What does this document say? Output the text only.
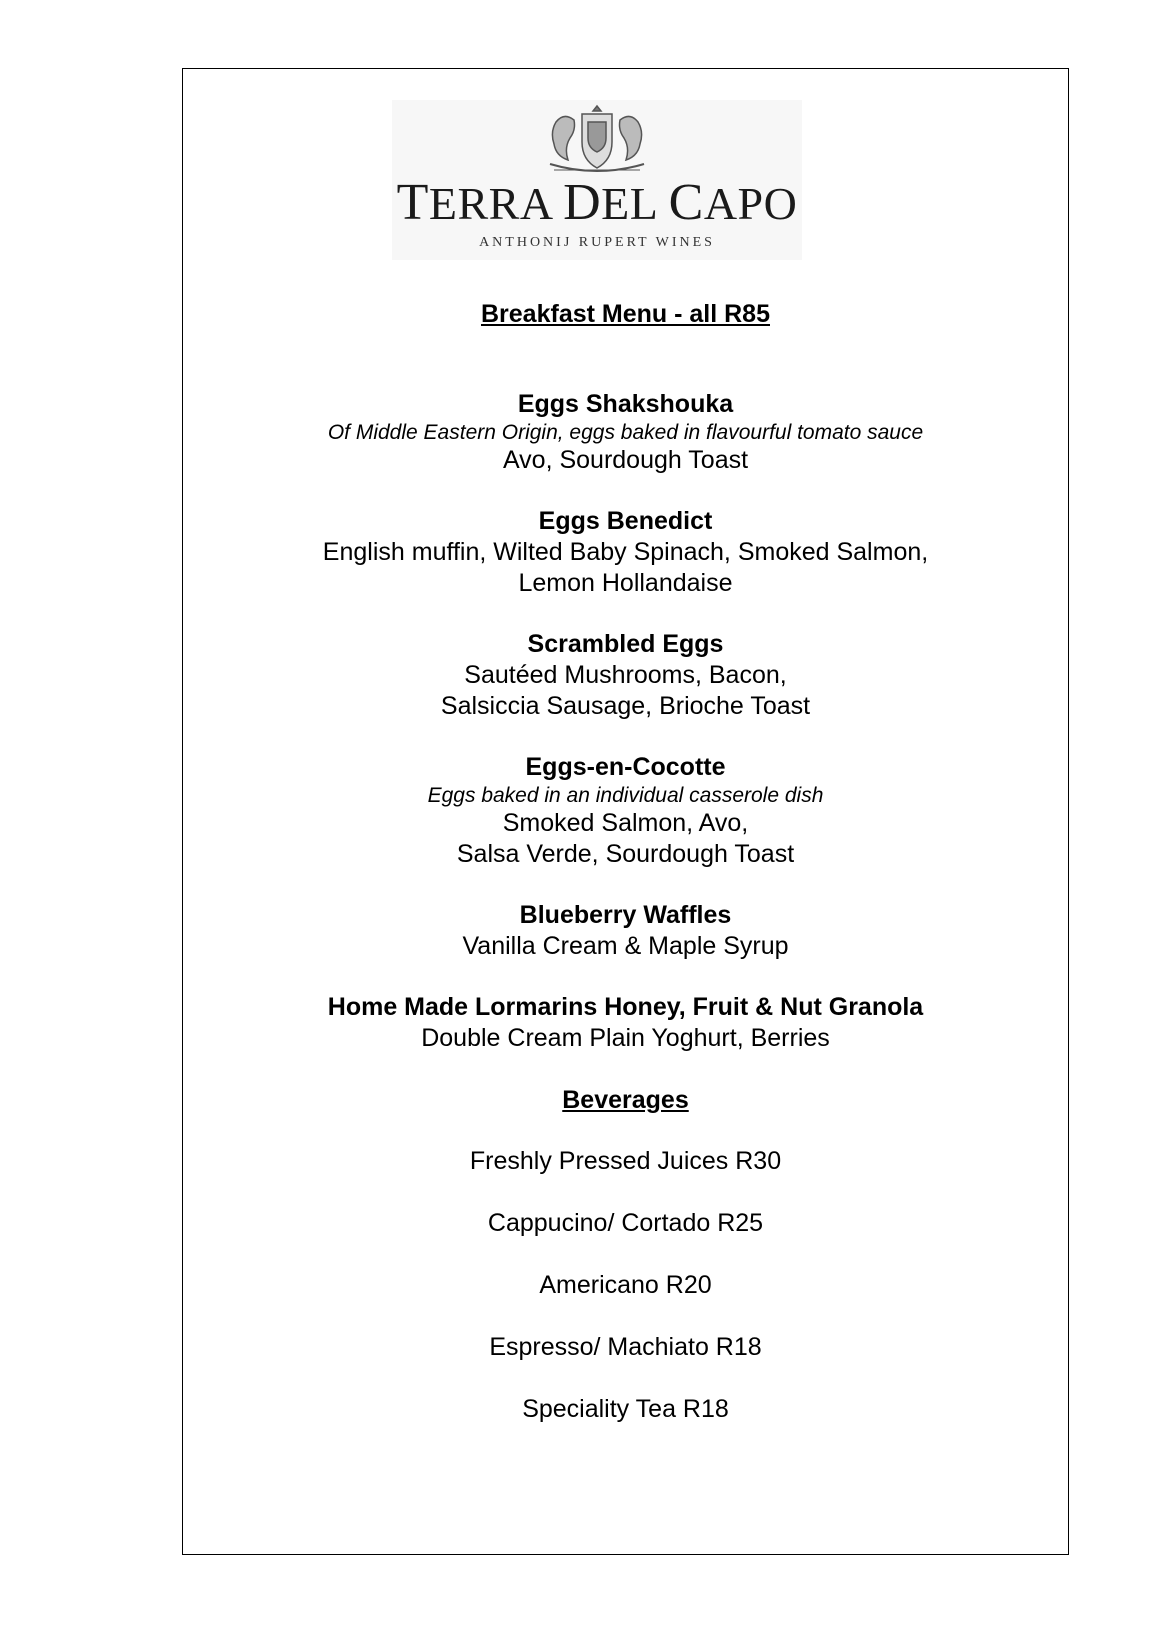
TERRA DEL CAPO
ANTHONIJ RUPERT WINES

Breakfast Menu - all R85

Eggs Shakshouka

Of Middle Eastern Origin, eggs baked in flavourful tomato sauce

Avo, Sourdough Toast

Eggs Benedict

English muffin, Wilted Baby Spinach, Smoked Salmon,

Lemon Hollandaise

Scrambled Eggs

Sautéed Mushrooms, Bacon,

Salsiccia Sausage, Brioche Toast

Eggs-en-Cocotte

Eggs baked in an individual casserole dish

Smoked Salmon, Avo,

Salsa Verde, Sourdough Toast

Blueberry Waffles

Vanilla Cream & Maple Syrup

Home Made Lormarins Honey, Fruit & Nut Granola

Double Cream Plain Yoghurt, Berries

Beverages

Freshly Pressed Juices R30

Cappucino/ Cortado R25

Americano R20

Espresso/ Machiato R18

Speciality Tea R18
